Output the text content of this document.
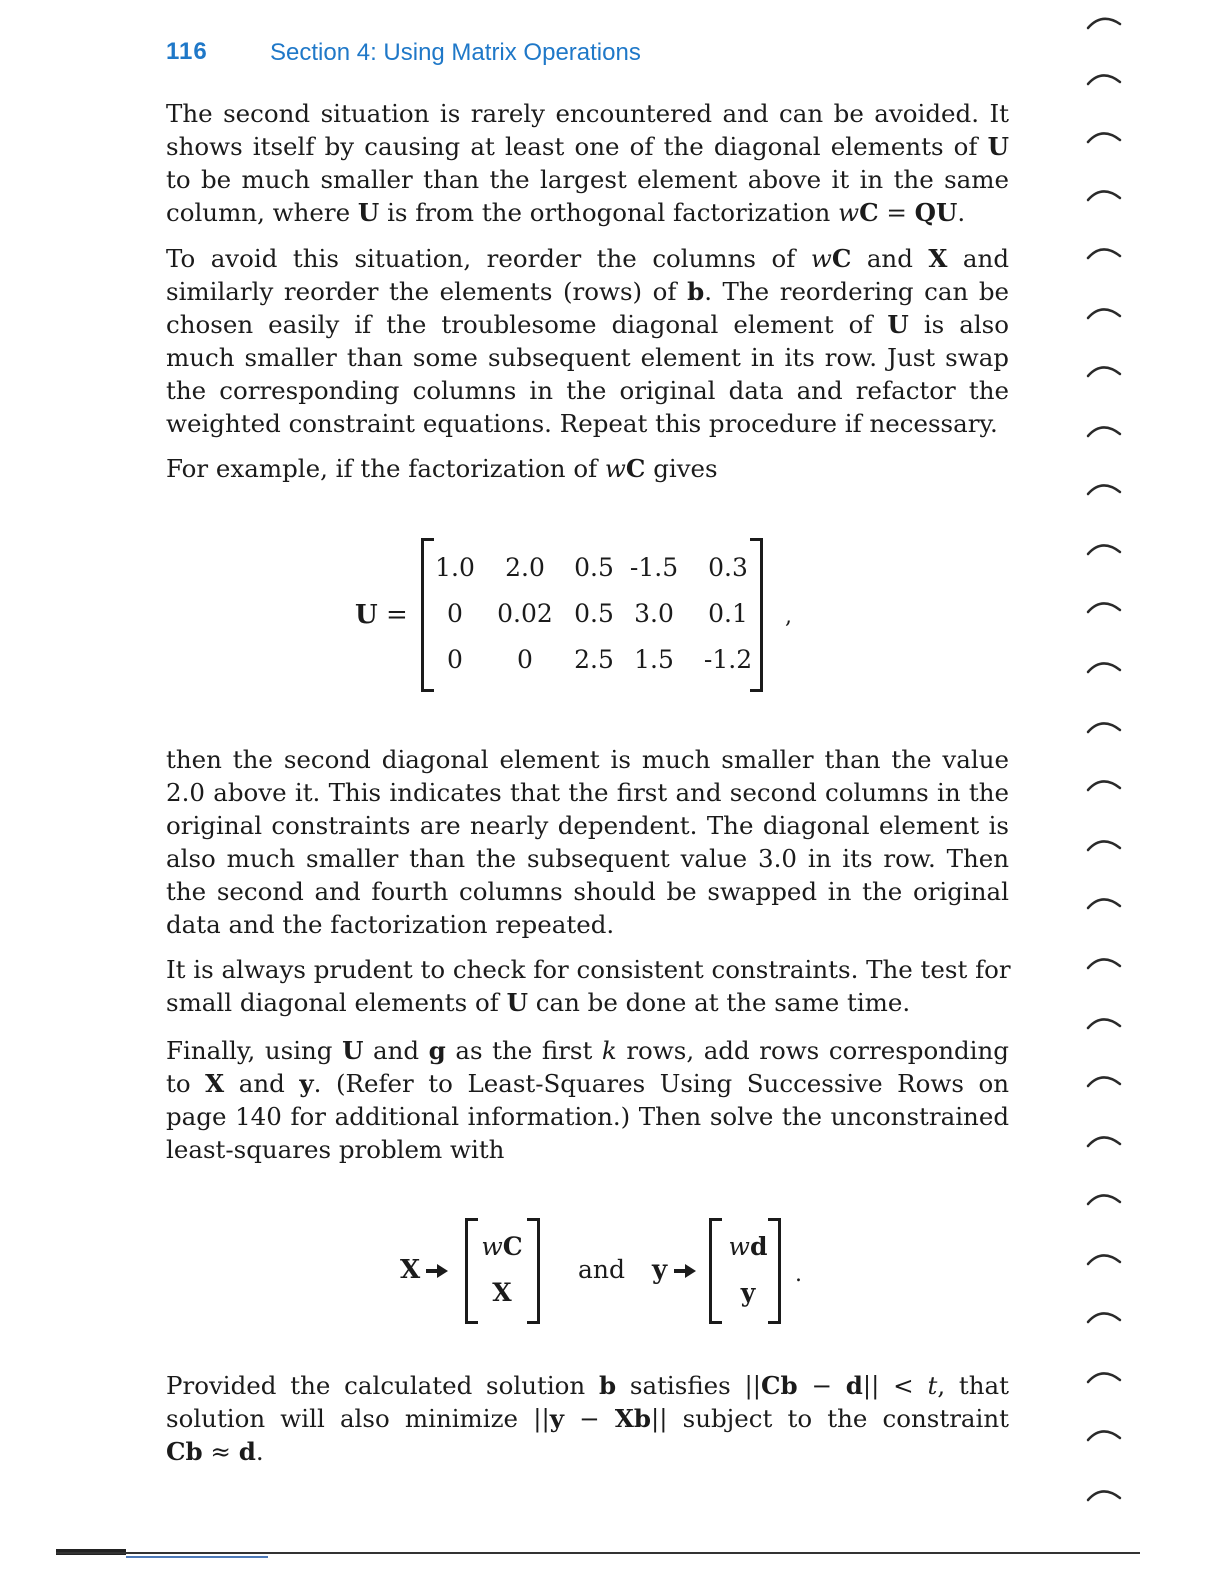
116	Section 4: Using Matrix Operations
The second situation is rarely encountered and can be avoided. It
shows itself by causing at least one of the diagonal elements of U
to be much smaller than the largest element above it in the same
column, where U is from the orthogonal factorization wC = QU.
To avoid this situation, reorder the columns of wC and X and
similarly reorder the elements (rows) of b. The reordering can be
chosen easily if the troublesome diagonal element of U is also
much smaller than some subsequent element in its row. Just swap
the corresponding columns in the original data and refactor the
weighted constraint equations. Repeat this procedure if necessary.
For example, if the factorization of wC gives
U =
1.0	2.0	0.5 -1.5	0.3
0	0.02 0.5 3.0	0.1
0	0	2.5 1.5	-1.2
,
then the second diagonal element is much smaller than the value
2.0 above it. This indicates that the first and second columns in the
original constraints are nearly dependent. The diagonal element is
also much smaller than the subsequent value 3.0 in its row. Then
the second and fourth columns should be swapped in the original
data and the factorization repeated.
It is always prudent to check for consistent constraints. The test for
small diagonal elements of U can be done at the same time.
Finally, using U and g as the first k rows, add rows corresponding
to X and y. (Refer to Least-Squares Using Successive Rows on
page 140 for additional information.) Then solve the unconstrained
least-squares problem with
X
wC
X
and y
wd
y
.
Provided the calculated solution b satisfies ||Cb − d|| < t, that
solution will also minimize ||y − Xb|| subject to the constraint
Cb ≈ d.
